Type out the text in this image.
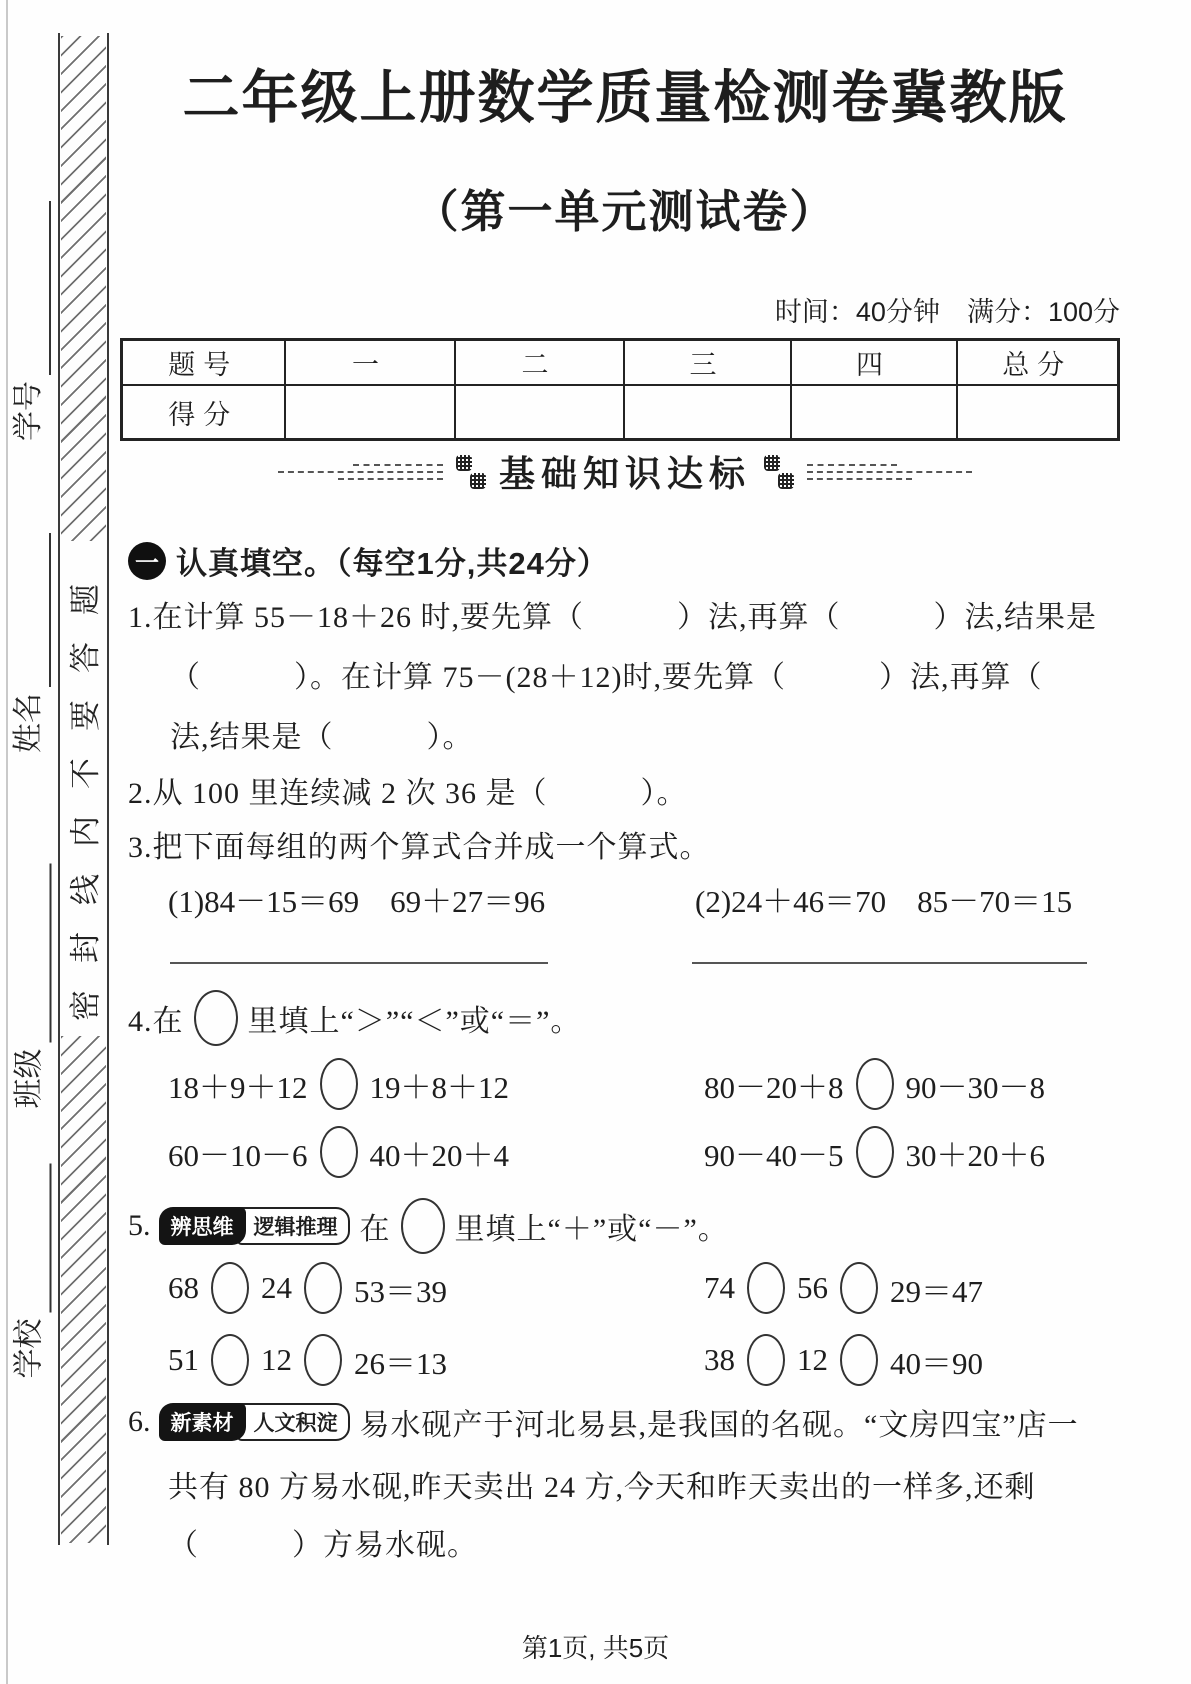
学号
姓名
班级
学校
密封线内不要答题
二年级上册数学质量检测卷冀教版
（第一单元测试卷）
时间：40分钟　满分：100分
题号	一	二	三	四	总分
得分					
基础知识达标
一 认真填空。（每空1分,共24分）
1.在计算 55－18＋26 时,要先算（　　　）法,再算（　　　）法,结果是
（　　　）。在计算 75－(28＋12)时,要先算（　　　）法,再算（
法,结果是（　　　）。
2.从 100 里连续减 2 次 36 是（　　　）。
3.把下面每组的两个算式合并成一个算式。
(1)84－15＝69　69＋27＝96	(2)24＋46＝70　85－70＝15
4.在 里填上“＞”“＜”或“＝”。
18＋9＋12 19＋8＋12	80－20＋8 90－30－8
60－10－6 40＋20＋4	90－40－5 30＋20＋6
5. 辨思维 逻辑推理 在 里填上“＋”或“－”。
68 24 53＝39	74 56 29＝47
51 12 26＝13	38 12 40＝90
6. 新素材 人文积淀 易水砚产于河北易县,是我国的名砚。“文房四宝”店一
共有 80 方易水砚,昨天卖出 24 方,今天和昨天卖出的一样多,还剩
（　　　）方易水砚。
第1页, 共5页
